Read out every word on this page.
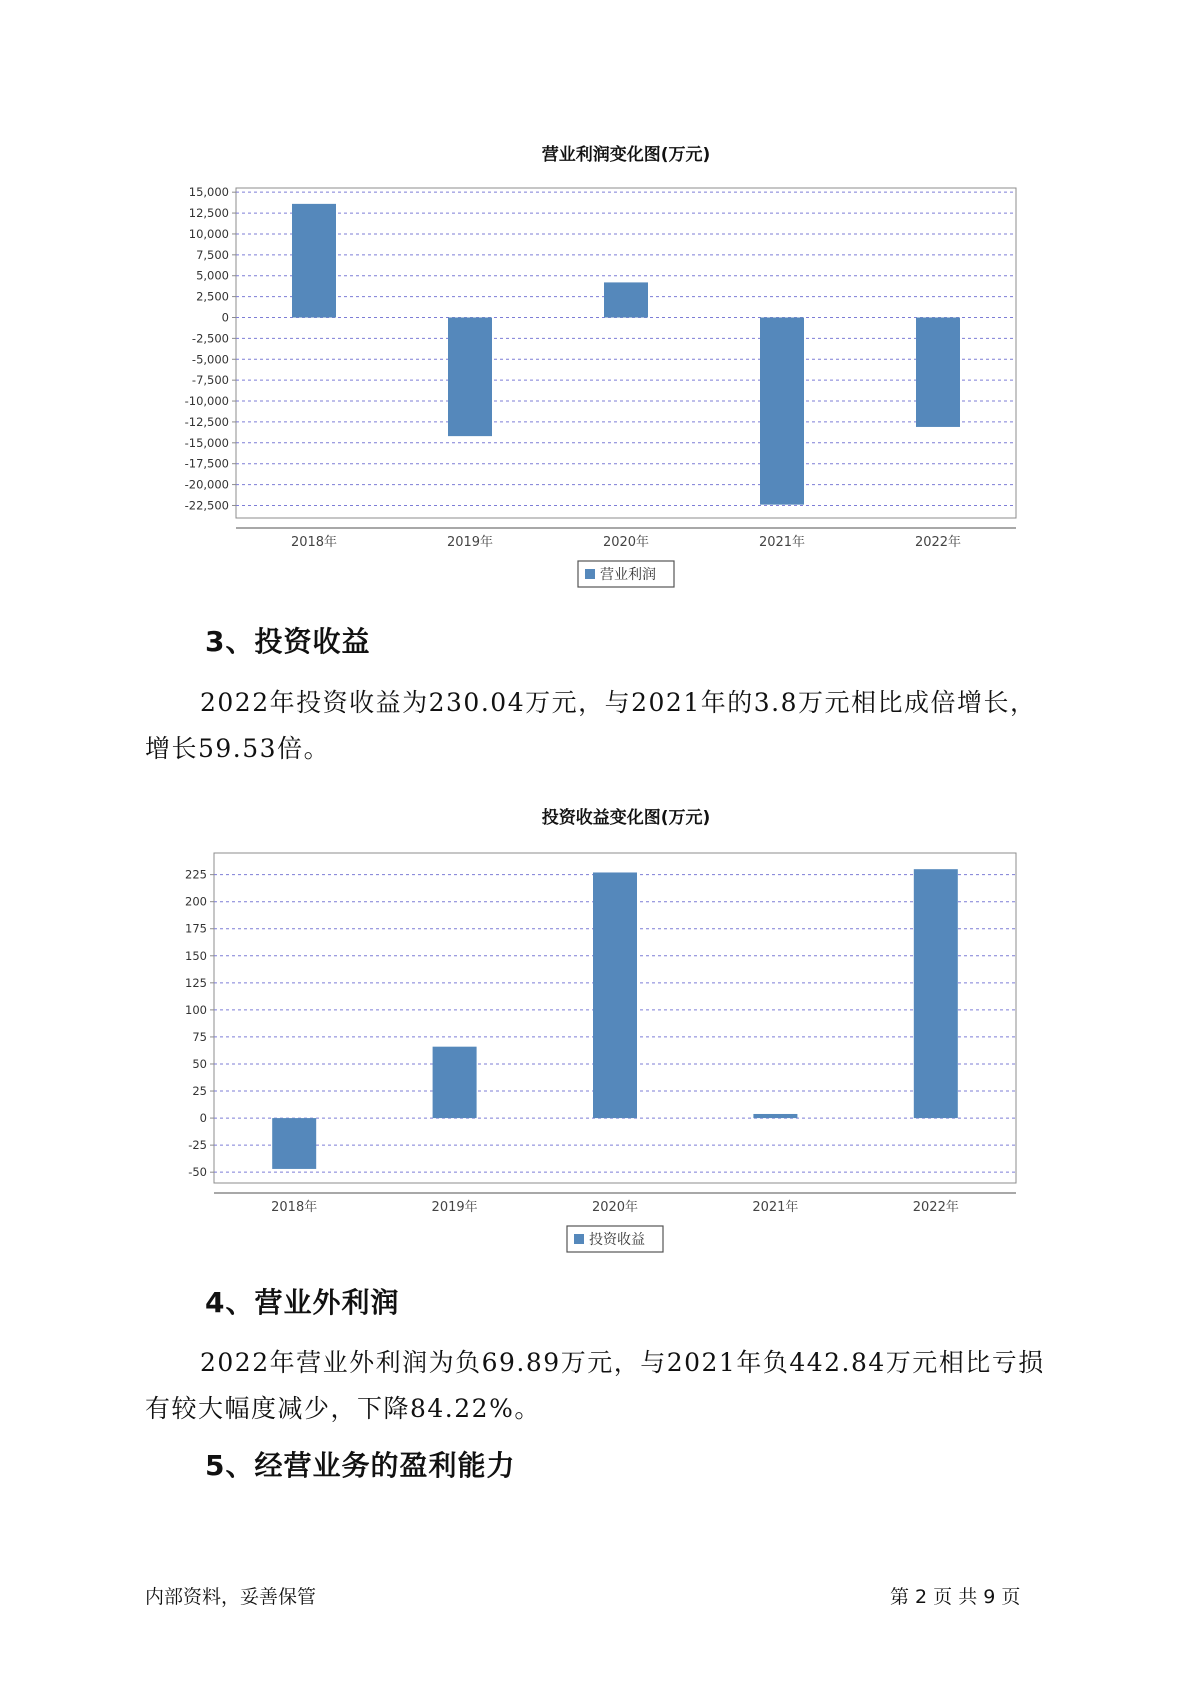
营业利润变化图(万元)
15,000
12,500
10,000
7,500
5,000
2,500
0
-2,500
-5,000
-7,500
-10,000
-12,500
-15,000
-17,500
-20,000
-22,500
2018年	2019年	2020年	2021年	2022年
营业利润
3、投资收益

2022年投资收益为230.04万元，与2021年的3.8万元相比成倍增长，增长59.53倍。

投资收益变化图(万元)
225
200
175
150
125
100
75
50
25
0
-25
-50
2018年	2019年	2020年	2021年	2022年
投资收益
4、营业外利润

2022年营业外利润为负69.89万元，与2021年负442.84万元相比亏损有较大幅度减少，下降84.22%。

5、经营业务的盈利能力
内部资料，妥善保管	第 2 页 共 9 页
